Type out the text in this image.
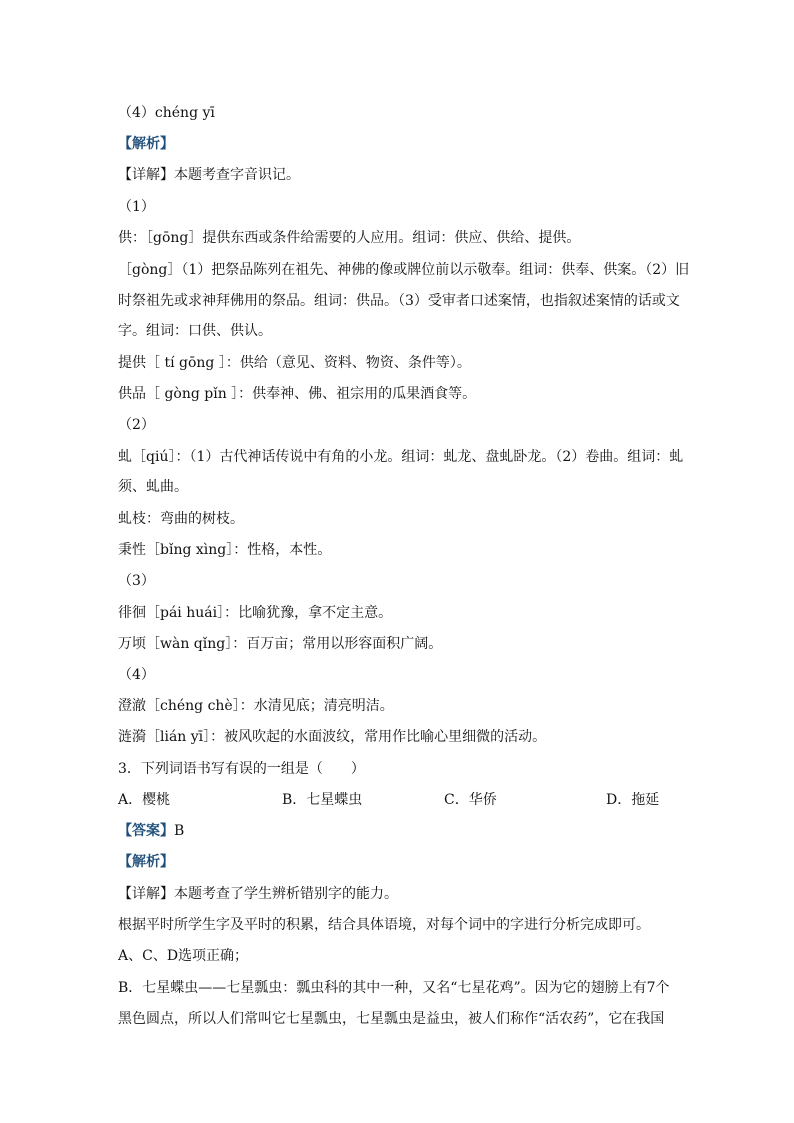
（4）chéng yī
【解析】
【详解】本题考查字音识记。
（1）
供：［gōng］提供东西或条件给需要的人应用。组词：供应、供给、提供。
［gòng］（1）把祭品陈列在祖先、神佛的像或牌位前以示敬奉。组词：供奉、供案。（2）旧
时祭祖先或求神拜佛用的祭品。组词：供品。（3）受审者口述案情，也指叙述案情的话或文
字。组词：口供、供认。
提供［ tí gōng ］：供给（意见、资料、物资、条件等）。
供品［ gòng pǐn ］：供奉神、佛、祖宗用的瓜果酒食等。
（2）
虬［qiú］：（1）古代神话传说中有角的小龙。组词：虬龙、盘虬卧龙。（2）卷曲。组词：虬
须、虬曲。
虬枝：弯曲的树枝。
秉性［bǐng xìng］：性格，本性。
（3）
徘徊［pái huái］：比喻犹豫，拿不定主意。
万顷［wàn qǐng］：百万亩；常用以形容面积广阔。
（4）
澄澈［chéng chè］：水清见底；清亮明洁。
涟漪［lián yī］：被风吹起的水面波纹，常用作比喻心里细微的活动。
3．下列词语书写有误的一组是（　　）
A．樱桃	B．七星蝶虫	C．华侨	D．拖延
【答案】B
【解析】
【详解】本题考查了学生辨析错别字的能力。
根据平时所学生字及平时的积累，结合具体语境，对每个词中的字进行分析完成即可。
A、C、D选项正确；
B．七星蝶虫——七星瓢虫：瓢虫科的其中一种，又名“七星花鸡”。因为它的翅膀上有7个
黑色圆点，所以人们常叫它七星瓢虫，七星瓢虫是益虫，被人们称作“活农药”，它在我国
